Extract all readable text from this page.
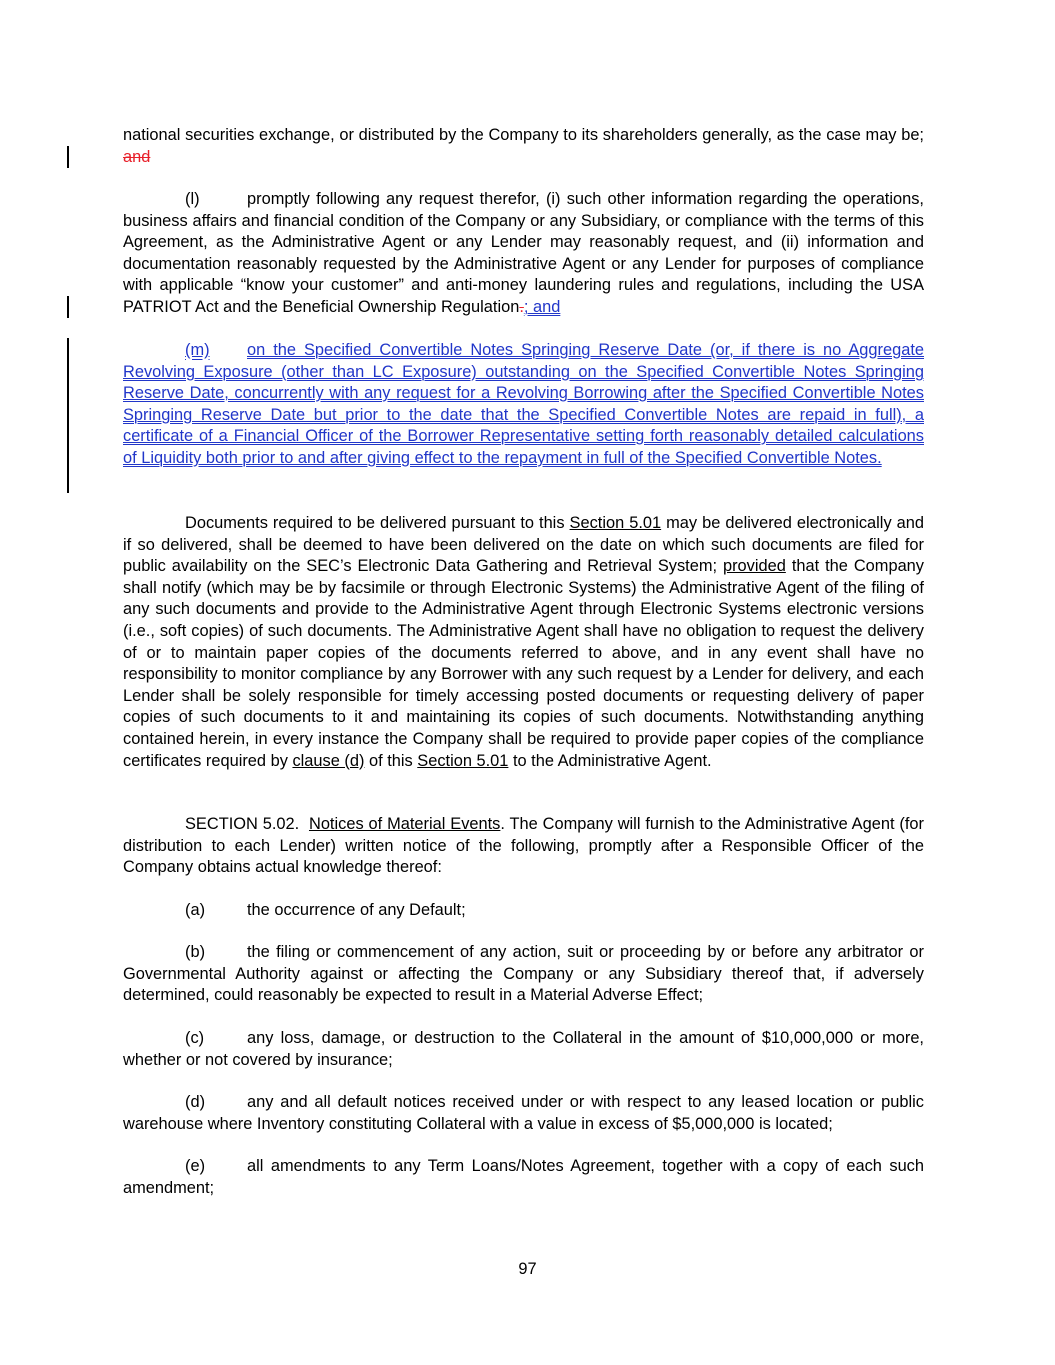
national securities exchange, or distributed by the Company to its shareholders generally, as the case may be; and

(l)	promptly following any request therefor, (i) such other information regarding the operations, business affairs and financial condition of the Company or any Subsidiary, or compliance with the terms of this Agreement, as the Administrative Agent or any Lender may reasonably request, and (ii) information and documentation reasonably requested by the Administrative Agent or any Lender for purposes of compliance with applicable “know your customer” and anti-money laundering rules and regulations, including the USA PATRIOT Act and the Beneficial Ownership Regulation.; and

(m) on the Specified Convertible Notes Springing Reserve Date (or, if there is no Aggregate Revolving Exposure (other than LC Exposure) outstanding on the Specified Convertible Notes Springing Reserve Date, concurrently with any request for a Revolving Borrowing after the Specified Convertible Notes Springing Reserve Date but prior to the date that the Specified Convertible Notes are repaid in full), a certificate of a Financial Officer of the Borrower Representative setting forth reasonably detailed calculations of Liquidity both prior to and after giving effect to the repayment in full of the Specified Convertible Notes.

Documents required to be delivered pursuant to this Section 5.01 may be delivered electronically and if so delivered, shall be deemed to have been delivered on the date on which such documents are filed for public availability on the SEC’s Electronic Data Gathering and Retrieval System; provided that the Company shall notify (which may be by facsimile or through Electronic Systems) the Administrative Agent of the filing of any such documents and provide to the Administrative Agent through Electronic Systems electronic versions (i.e., soft copies) of such documents. The Administrative Agent shall have no obligation to request the delivery of or to maintain paper copies of the documents referred to above, and in any event shall have no responsibility to monitor compliance by any Borrower with any such request by a Lender for delivery, and each Lender shall be solely responsible for timely accessing posted documents or requesting delivery of paper copies of such documents to it and maintaining its copies of such documents. Notwithstanding anything contained herein, in every instance the Company shall be required to provide paper copies of the compliance certificates required by clause (d) of this Section 5.01 to the Administrative Agent.

SECTION 5.02. Notices of Material Events. The Company will furnish to the Administrative Agent (for distribution to each Lender) written notice of the following, promptly after a Responsible Officer of the Company obtains actual knowledge thereof:

(a)	the occurrence of any Default;

(b)	the filing or commencement of any action, suit or proceeding by or before any arbitrator or Governmental Authority against or affecting the Company or any Subsidiary thereof that, if adversely determined, could reasonably be expected to result in a Material Adverse Effect;

(c)	any loss, damage, or destruction to the Collateral in the amount of $10,000,000 or more, whether or not covered by insurance;

(d)	any and all default notices received under or with respect to any leased location or public warehouse where Inventory constituting Collateral with a value in excess of $5,000,000 is located;

(e)	all amendments to any Term Loans/Notes Agreement, together with a copy of each such amendment;

97
